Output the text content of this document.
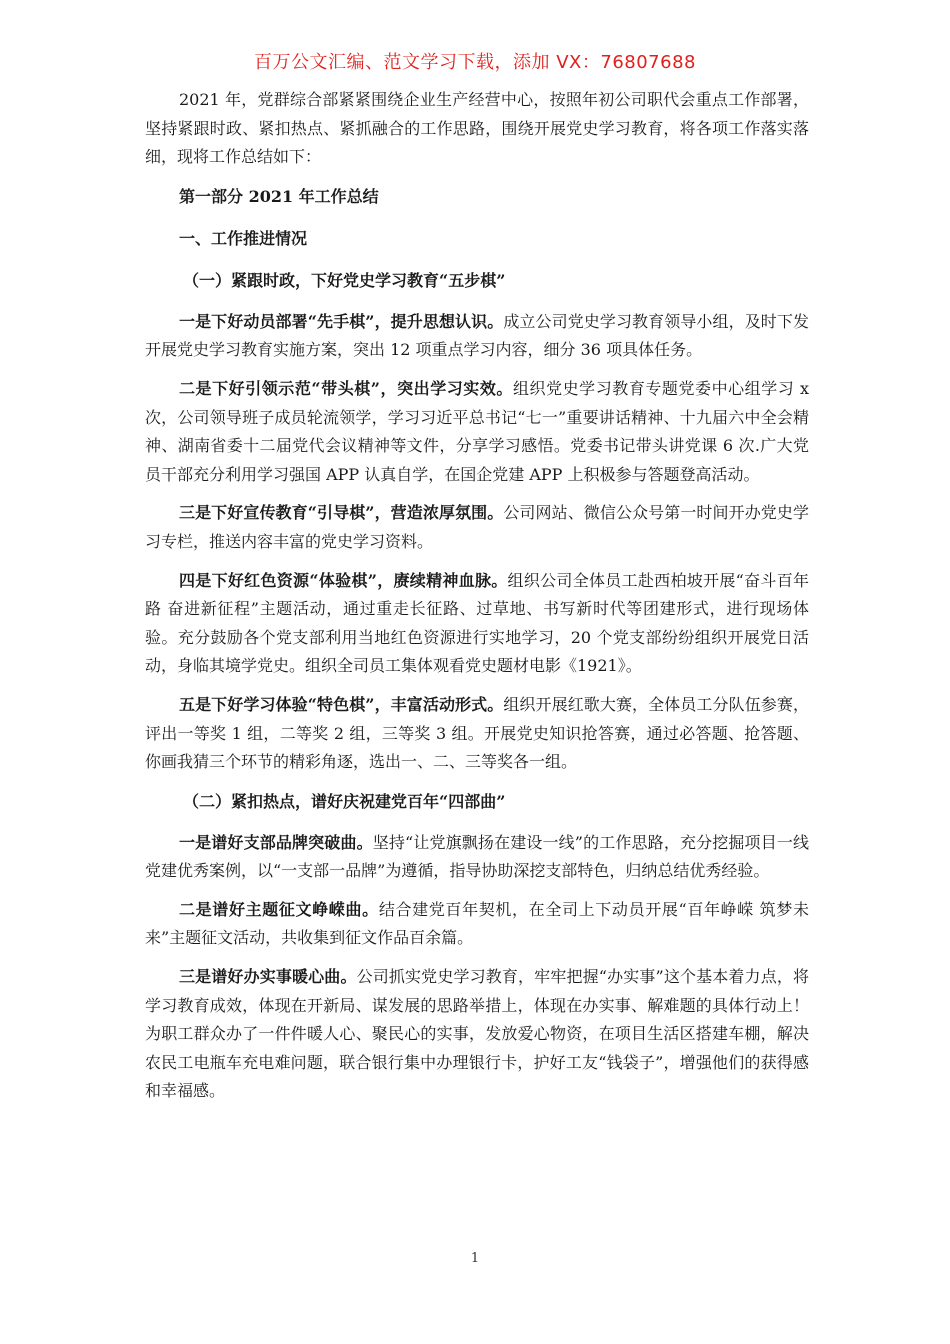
百万公文汇编、范文学习下载，添加 VX：76807688

2021 年，党群综合部紧紧围绕企业生产经营中心，按照年初公司职代会重点工作部署，坚持紧跟时政、紧扣热点、紧抓融合的工作思路，围绕开展党史学习教育，将各项工作落实落细，现将工作总结如下：

第一部分 2021 年工作总结

一、工作推进情况

（一）紧跟时政，下好党史学习教育“五步棋”

一是下好动员部署“先手棋”，提升思想认识。成立公司党史学习教育领导小组，及时下发开展党史学习教育实施方案，突出 12 项重点学习内容，细分 36 项具体任务。

二是下好引领示范“带头棋”，突出学习实效。组织党史学习教育专题党委中心组学习 x 次，公司领导班子成员轮流领学，学习习近平总书记“七一”重要讲话精神、十九届六中全会精神、湖南省委十二届党代会议精神等文件，分享学习感悟。党委书记带头讲党课 6 次.广大党员干部充分利用学习强国 APP 认真自学，在国企党建 APP 上积极参与答题登高活动。

三是下好宣传教育“引导棋”，营造浓厚氛围。公司网站、微信公众号第一时间开办党史学习专栏，推送内容丰富的党史学习资料。

四是下好红色资源“体验棋”，赓续精神血脉。组织公司全体员工赴西柏坡开展“奋斗百年路 奋进新征程”主题活动，通过重走长征路、过草地、书写新时代等团建形式，进行现场体验。充分鼓励各个党支部利用当地红色资源进行实地学习，20 个党支部纷纷组织开展党日活动，身临其境学党史。组织全司员工集体观看党史题材电影《1921》。

五是下好学习体验“特色棋”，丰富活动形式。组织开展红歌大赛，全体员工分队伍参赛，评出一等奖 1 组，二等奖 2 组，三等奖 3 组。开展党史知识抢答赛，通过必答题、抢答题、你画我猜三个环节的精彩角逐，选出一、二、三等奖各一组。

（二）紧扣热点，谱好庆祝建党百年“四部曲”

一是谱好支部品牌突破曲。坚持“让党旗飘扬在建设一线”的工作思路，充分挖掘项目一线党建优秀案例，以“一支部一品牌”为遵循，指导协助深挖支部特色，归纳总结优秀经验。

二是谱好主题征文峥嵘曲。结合建党百年契机，在全司上下动员开展“百年峥嵘 筑梦未来”主题征文活动，共收集到征文作品百余篇。

三是谱好办实事暖心曲。公司抓实党史学习教育，牢牢把握“办实事”这个基本着力点，将学习教育成效，体现在开新局、谋发展的思路举措上，体现在办实事、解难题的具体行动上！为职工群众办了一件件暖人心、聚民心的实事，发放爱心物资，在项目生活区搭建车棚，解决农民工电瓶车充电难问题，联合银行集中办理银行卡，护好工友“钱袋子”，增强他们的获得感和幸福感。

1
